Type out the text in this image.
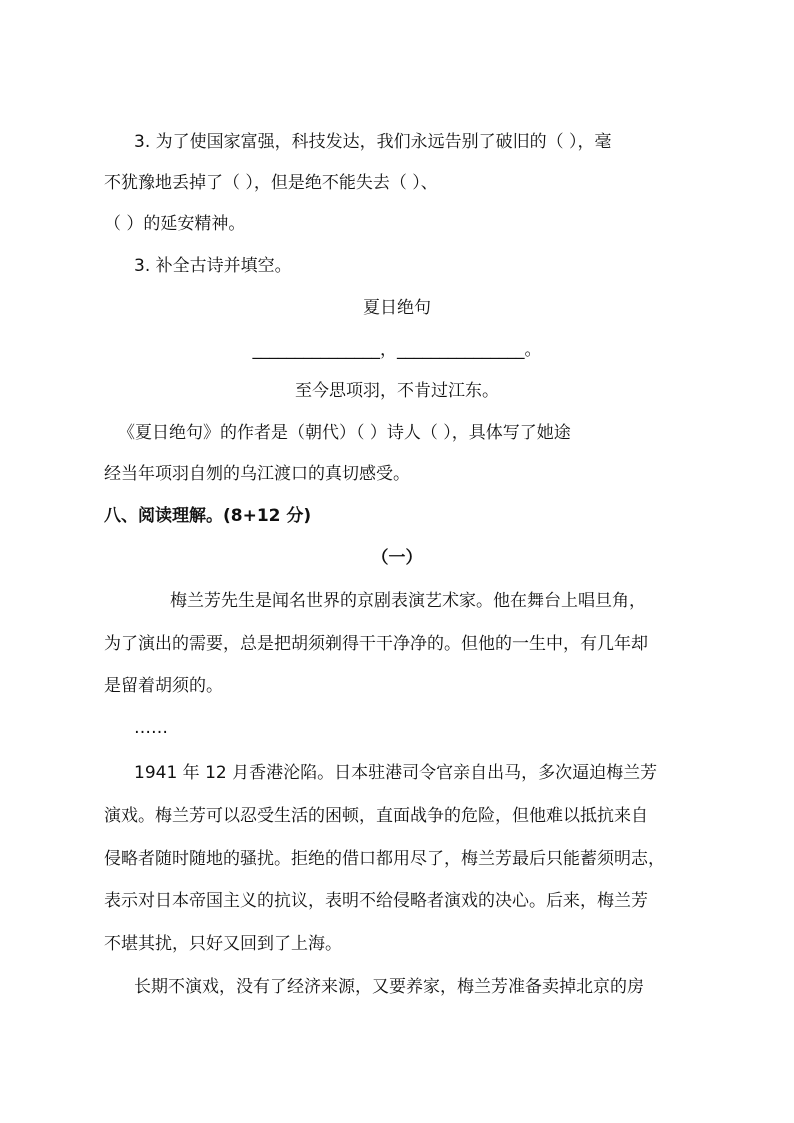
3. 为了使国家富强，科技发达，我们永远告别了破旧的（ ），毫
不犹豫地丢掉了（ ），但是绝不能失去（ ）、
（ ）的延安精神。
3. 补全古诗并填空。
夏日绝句
_______________，_______________。
至今思项羽，不肯过江东。
《夏日绝句》的作者是（朝代）（ ）诗人（ ），具体写了她途
经当年项羽自刎的乌江渡口的真切感受。
八、阅读理解。(8+12 分)
（一）
梅兰芳先生是闻名世界的京剧表演艺术家。他在舞台上唱旦角，
为了演出的需要，总是把胡须剃得干干净净的。但他的一生中，有几年却
是留着胡须的。
……
1941 年 12 月香港沦陷。日本驻港司令官亲自出马，多次逼迫梅兰芳
演戏。梅兰芳可以忍受生活的困顿，直面战争的危险，但他难以抵抗来自
侵略者随时随地的骚扰。拒绝的借口都用尽了，梅兰芳最后只能蓄须明志，
表示对日本帝国主义的抗议，表明不给侵略者演戏的决心。后来，梅兰芳
不堪其扰，只好又回到了上海。
长期不演戏，没有了经济来源，又要养家，梅兰芳准备卖掉北京的房
